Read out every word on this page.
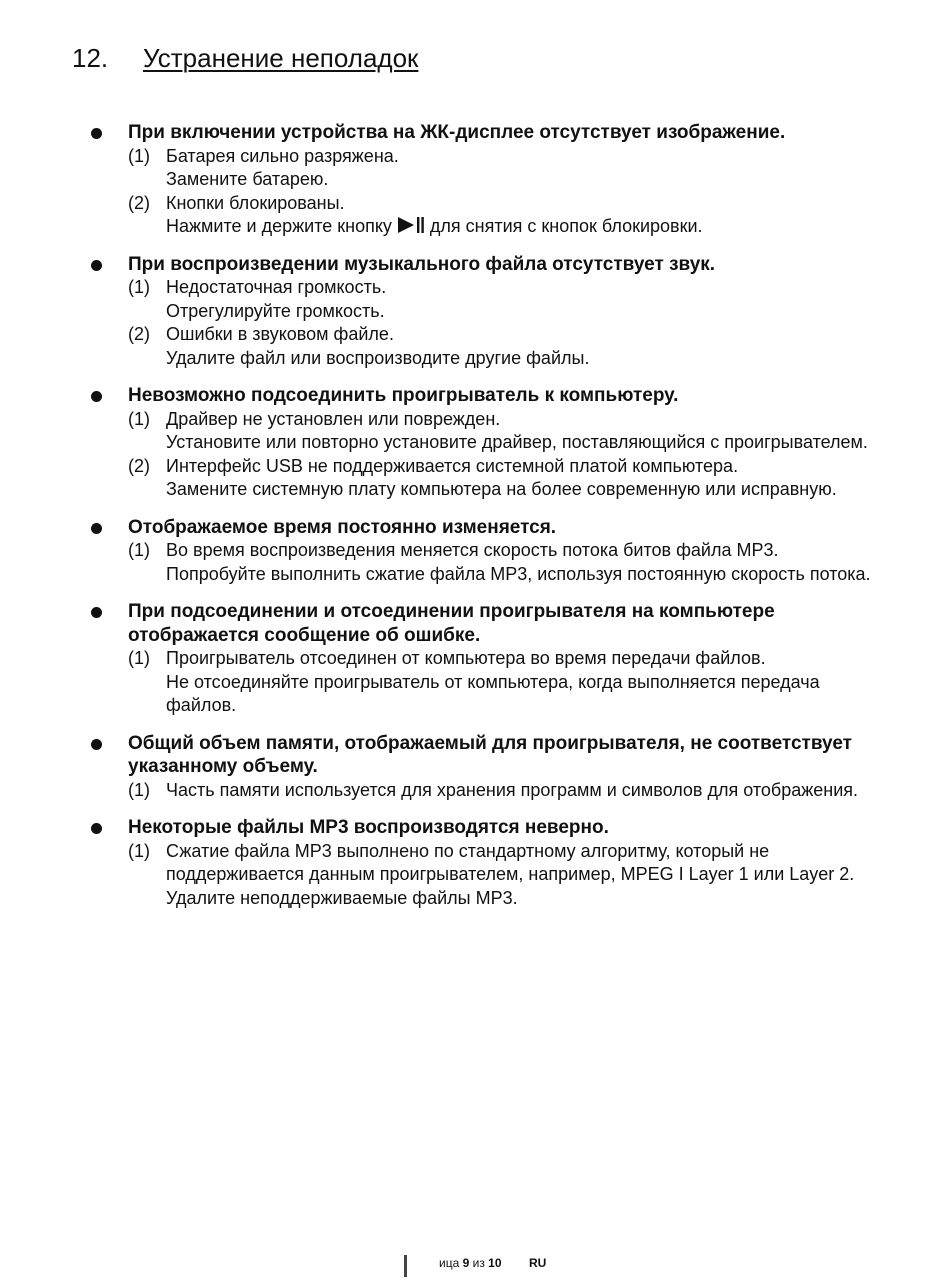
12. Устранение неполадок
При включении устройства на ЖК-дисплее отсутствует изображение.
(1) Батарея сильно разряжена.
Замените батарею.
(2) Кнопки блокированы.
Нажмите и держите кнопку  для снятия с кнопок блокировки.
При воспроизведении музыкального файла отсутствует звук.
(1) Недостаточная громкость.
Отрегулируйте громкость.
(2) Ошибки в звуковом файле.
Удалите файл или воспроизводите другие файлы.
Невозможно подсоединить проигрыватель к компьютеру.
(1) Драйвер не установлен или поврежден.
Установите или повторно установите драйвер, поставляющийся с проигрывателем.
(2) Интерфейс USB не поддерживается системной платой компьютера.
Замените системную плату компьютера на более современную или исправную.
Отображаемое время постоянно изменяется.
(1) Во время воспроизведения меняется скорость потока битов файла MP3.
Попробуйте выполнить сжатие файла MP3, используя постоянную скорость потока.
При подсоединении и отсоединении проигрывателя на компьютере отображается сообщение об ошибке.
(1) Проигрыватель отсоединен от компьютера во время передачи файлов.
Не отсоединяйте проигрыватель от компьютера, когда выполняется передача файлов.
Общий объем памяти, отображаемый для проигрывателя, не соответствует указанному объему.
(1) Часть памяти используется для хранения программ и символов для отображения.
Некоторые файлы MP3 воспроизводятся неверно.
(1) Сжатие файла MP3 выполнено по стандартному алгоритму, который не поддерживается данным проигрывателем, например, MPEG I Layer 1 или Layer 2. Удалите неподдерживаемые файлы MP3.
ица 9 из 10 RU
